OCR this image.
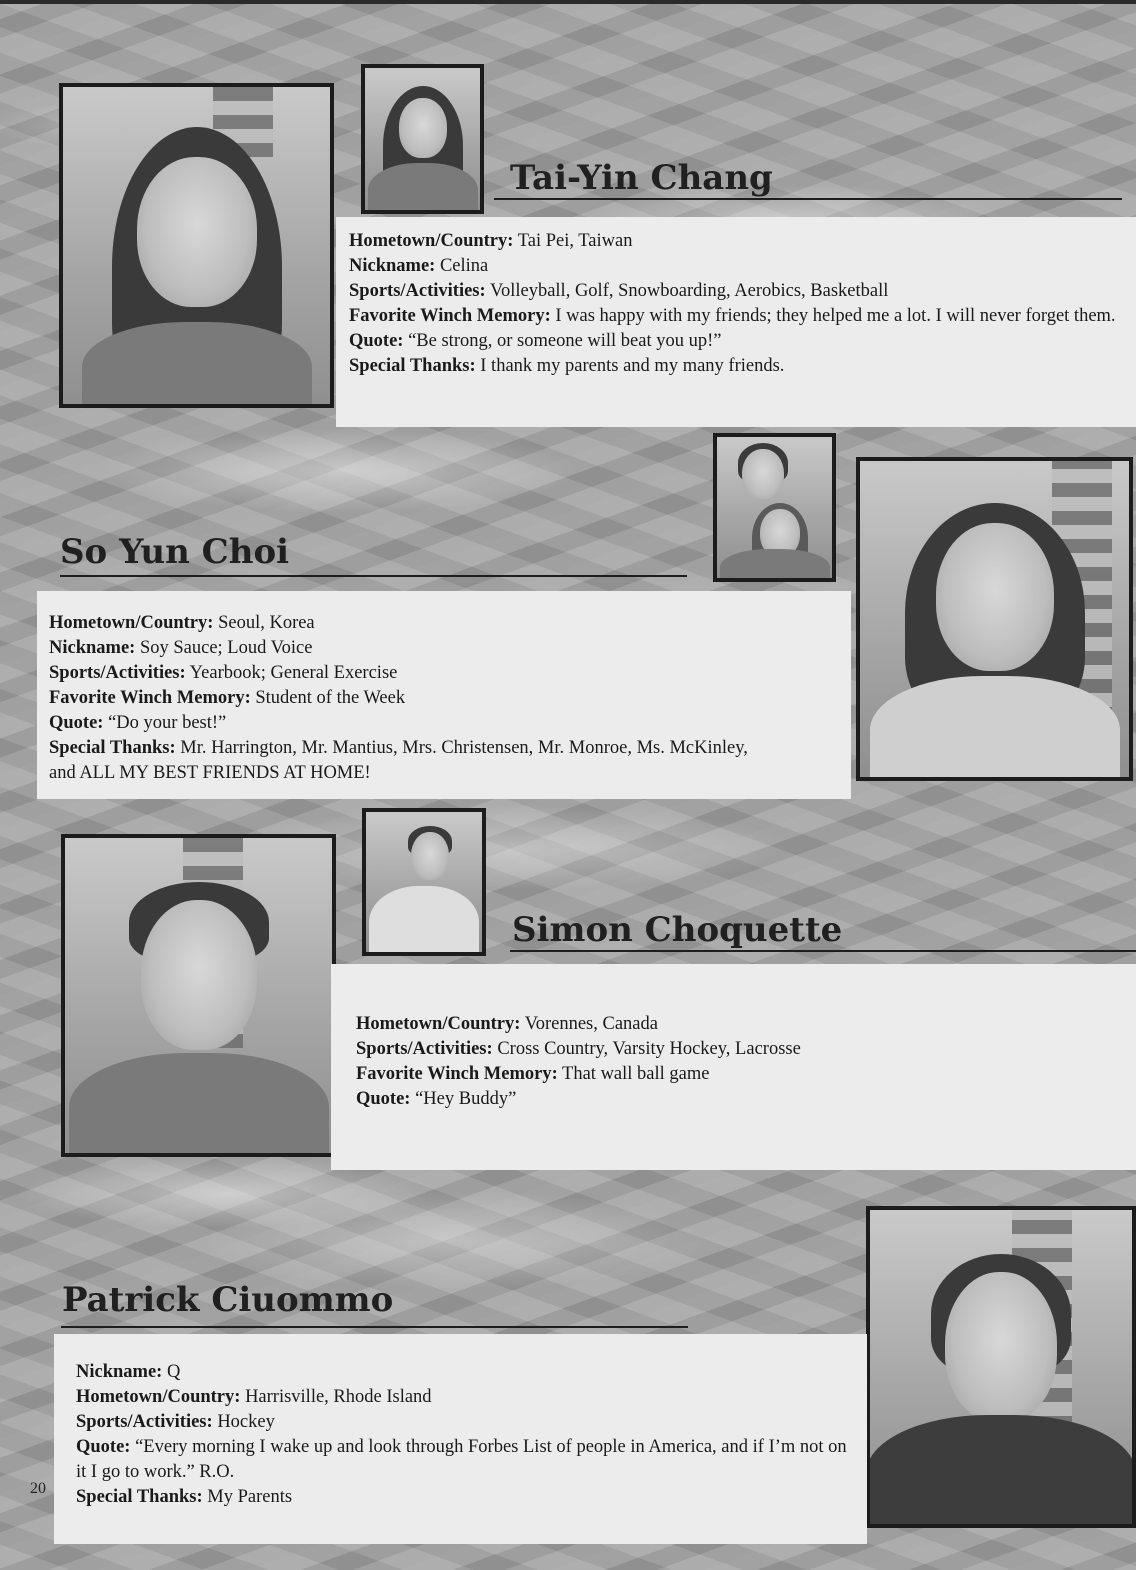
Tai-Yin Chang

Hometown/Country: Tai Pei, Taiwan

Nickname: Celina

Sports/Activities: Volleyball, Golf, Snowboarding, Aerobics, Basketball

Favorite Winch Memory: I was happy with my friends; they helped me a lot. I will never forget them.

Quote: “Be strong, or someone will beat you up!”

Special Thanks: I thank my parents and my many friends.

So Yun Choi

Hometown/Country: Seoul, Korea

Nickname: Soy Sauce; Loud Voice

Sports/Activities: Yearbook; General Exercise

Favorite Winch Memory: Student of the Week

Quote: “Do your best!”

Special Thanks: Mr. Harrington, Mr. Mantius, Mrs. Christensen, Mr. Monroe, Ms. McKinley, and ALL MY BEST FRIENDS AT HOME!

Simon Choquette

Hometown/Country: Vorennes, Canada

Sports/Activities: Cross Country, Varsity Hockey, Lacrosse

Favorite Winch Memory: That wall ball game

Quote: “Hey Buddy”

Patrick Ciuommo

Nickname: Q

Hometown/Country: Harrisville, Rhode Island

Sports/Activities: Hockey

Quote: “Every morning I wake up and look through Forbes List of people in America, and if I’m not on it I go to work.” R.O.

Special Thanks: My Parents

20
